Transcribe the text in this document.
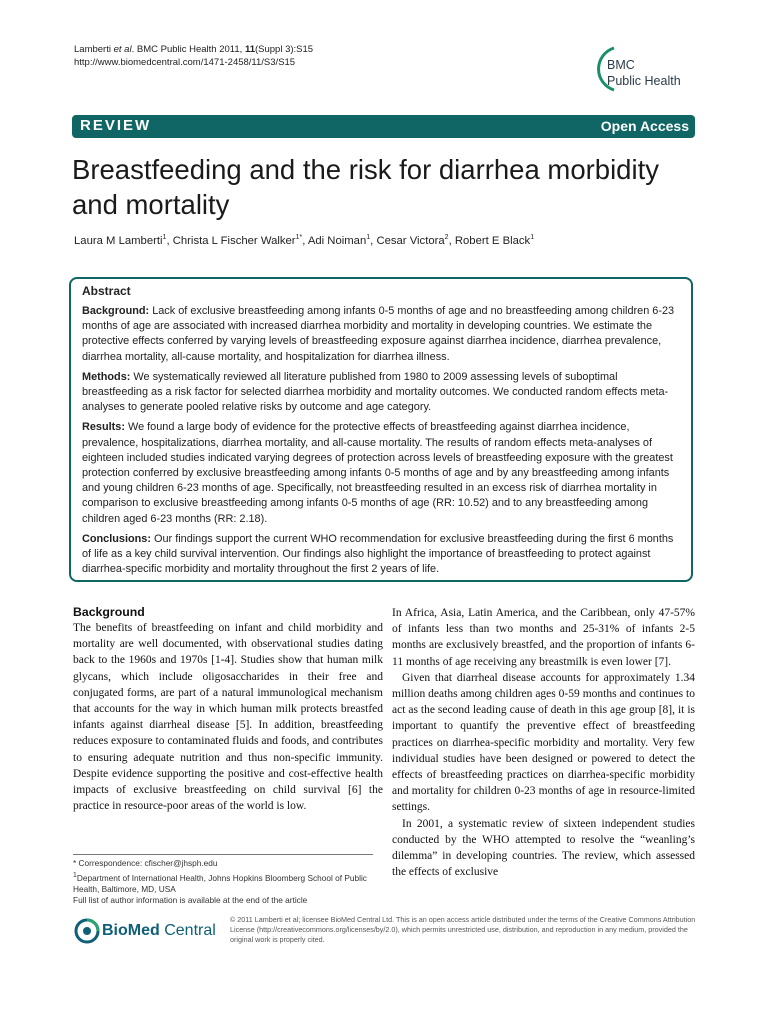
Lamberti et al. BMC Public Health 2011, 11(Suppl 3):S15
http://www.biomedcentral.com/1471-2458/11/S3/S15	BMC
Public Health
REVIEW	Open Access
Breastfeeding and the risk for diarrhea morbidity and mortality
Laura M Lamberti$^1$, Christa L Fischer Walker$^{1*}$, Adi Noiman$^1$, Cesar Victora$^2$, Robert E Black$^1$
Abstract

Background: Lack of exclusive breastfeeding among infants 0-5 months of age and no breastfeeding among children 6-23 months of age are associated with increased diarrhea morbidity and mortality in developing countries. We estimate the protective effects conferred by varying levels of breastfeeding exposure against diarrhea incidence, diarrhea prevalence, diarrhea mortality, all-cause mortality, and hospitalization for diarrhea illness.

Methods: We systematically reviewed all literature published from 1980 to 2009 assessing levels of suboptimal breastfeeding as a risk factor for selected diarrhea morbidity and mortality outcomes. We conducted random effects meta-analyses to generate pooled relative risks by outcome and age category.

Results: We found a large body of evidence for the protective effects of breastfeeding against diarrhea incidence, prevalence, hospitalizations, diarrhea mortality, and all-cause mortality. The results of random effects meta-analyses of eighteen included studies indicated varying degrees of protection across levels of breastfeeding exposure with the greatest protection conferred by exclusive breastfeeding among infants 0-5 months of age and by any breastfeeding among infants and young children 6-23 months of age. Specifically, not breastfeeding resulted in an excess risk of diarrhea mortality in comparison to exclusive breastfeeding among infants 0-5 months of age (RR: 10.52) and to any breastfeeding among children aged 6-23 months (RR: 2.18).

Conclusions: Our findings support the current WHO recommendation for exclusive breastfeeding during the first 6 months of life as a key child survival intervention. Our findings also highlight the importance of breastfeeding to protect against diarrhea-specific morbidity and mortality throughout the first 2 years of life.

Background

The benefits of breastfeeding on infant and child morbidity and mortality are well documented, with observational studies dating back to the 1960s and 1970s [1-4]. Studies show that human milk glycans, which include oligosaccharides in their free and conjugated forms, are part of a natural immunological mechanism that accounts for the way in which human milk protects breastfed infants against diarrheal disease [5]. In addition, breastfeeding reduces exposure to contaminated fluids and foods, and contributes to ensuring adequate nutrition and thus non-specific immunity. Despite evidence supporting the positive and cost-effective health impacts of exclusive breastfeeding on child survival [6] the practice in resource-poor areas of the world is low.

In Africa, Asia, Latin America, and the Caribbean, only 47-57% of infants less than two months and 25-31% of infants 2-5 months are exclusively breastfed, and the proportion of infants 6-11 months of age receiving any breastmilk is even lower [7].

Given that diarrheal disease accounts for approximately 1.34 million deaths among children ages 0-59 months and continues to act as the second leading cause of death in this age group [8], it is important to quantify the preventive effect of breastfeeding practices on diarrhea-specific morbidity and mortality. Very few individual studies have been designed or powered to detect the effects of breastfeeding practices on diarrhea-specific morbidity and mortality for children 0-23 months of age in resource-limited settings.

In 2001, a systematic review of sixteen independent studies conducted by the WHO attempted to resolve the “weanling’s dilemma” in developing countries. The review, which assessed the effects of exclusive

* Correspondence: cfischer@jhsph.edu
$^1$Department of International Health, Johns Hopkins Bloomberg School of Public Health, Baltimore, MD, USA
Full list of author information is available at the end of the article
BioMed Central
© 2011 Lamberti et al; licensee BioMed Central Ltd. This is an open access article distributed under the terms of the Creative Commons Attribution License (http://creativecommons.org/licenses/by/2.0), which permits unrestricted use, distribution, and reproduction in any medium, provided the original work is properly cited.
